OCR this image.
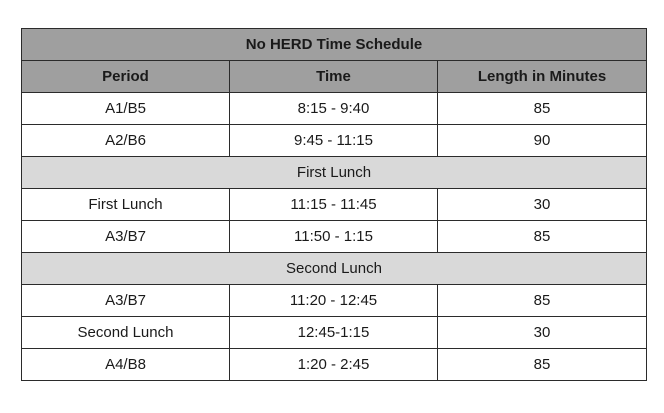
No HERD Time Schedule		
Period	Time	Length in Minutes
A1/B5	8:15 - 9:40	85
A2/B6	9:45 - 11:15	90
First Lunch		
First Lunch	11:15 - 11:45	30
A3/B7	11:50 - 1:15	85
Second Lunch		
A3/B7	11:20 - 12:45	85
Second Lunch	12:45-1:15	30
A4/B8	1:20 - 2:45	85
